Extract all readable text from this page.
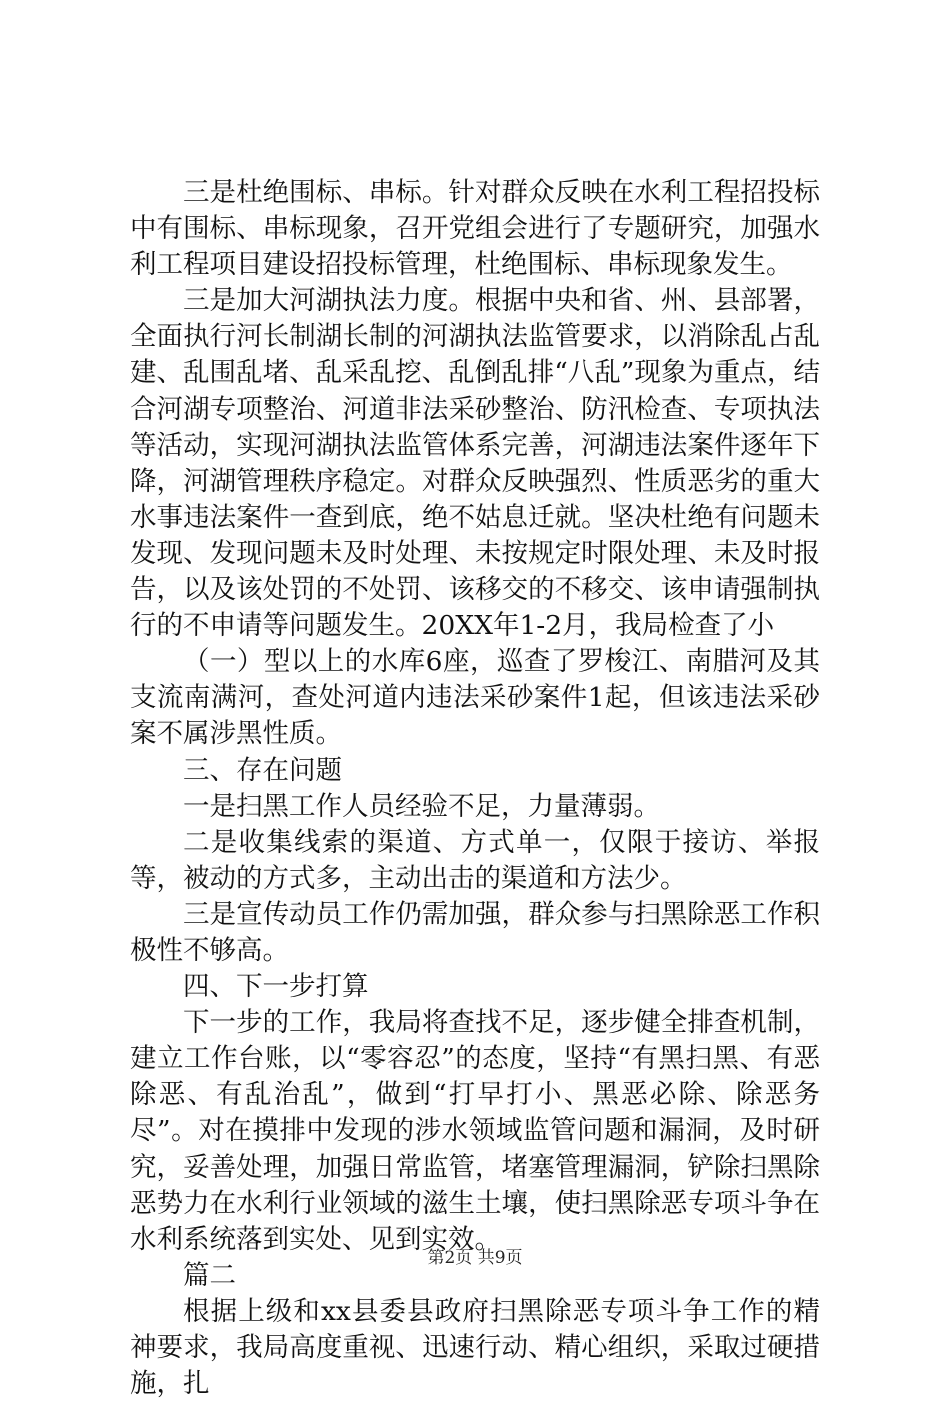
三是杜绝围标、串标。针对群众反映在水利工程招投标中有围标、串标现象，召开党组会进行了专题研究，加强水利工程项目建设招投标管理，杜绝围标、串标现象发生。

三是加大河湖执法力度。根据中央和省、州、县部署，全面执行河长制湖长制的河湖执法监管要求，以消除乱占乱建、乱围乱堵、乱采乱挖、乱倒乱排“八乱”现象为重点，结合河湖专项整治、河道非法采砂整治、防汛检查、专项执法等活动，实现河湖执法监管体系完善，河湖违法案件逐年下降，河湖管理秩序稳定。对群众反映强烈、性质恶劣的重大水事违法案件一查到底，绝不姑息迁就。坚决杜绝有问题未发现、发现问题未及时处理、未按规定时限处理、未及时报告，以及该处罚的不处罚、该移交的不移交、该申请强制执行的不申请等问题发生。20XX年1-2月，我局检查了小

（一）型以上的水库6座，巡查了罗梭江、南腊河及其支流南满河，查处河道内违法采砂案件1起，但该违法采砂案不属涉黑性质。

三、存在问题

一是扫黑工作人员经验不足，力量薄弱。

二是收集线索的渠道、方式单一，仅限于接访、举报等，被动的方式多，主动出击的渠道和方法少。

三是宣传动员工作仍需加强，群众参与扫黑除恶工作积极性不够高。

四、下一步打算

下一步的工作，我局将查找不足，逐步健全排查机制，建立工作台账，以“零容忍”的态度，坚持“有黑扫黑、有恶除恶、有乱治乱”，做到“打早打小、黑恶必除、除恶务尽”。对在摸排中发现的涉水领域监管问题和漏洞，及时研究，妥善处理，加强日常监管，堵塞管理漏洞，铲除扫黑除恶势力在水利行业领域的滋生土壤，使扫黑除恶专项斗争在水利系统落到实处、见到实效。

篇二

根据上级和xx县委县政府扫黑除恶专项斗争工作的精神要求，我局高度重视、迅速行动、精心组织，采取过硬措施，扎

第2页 共9页
